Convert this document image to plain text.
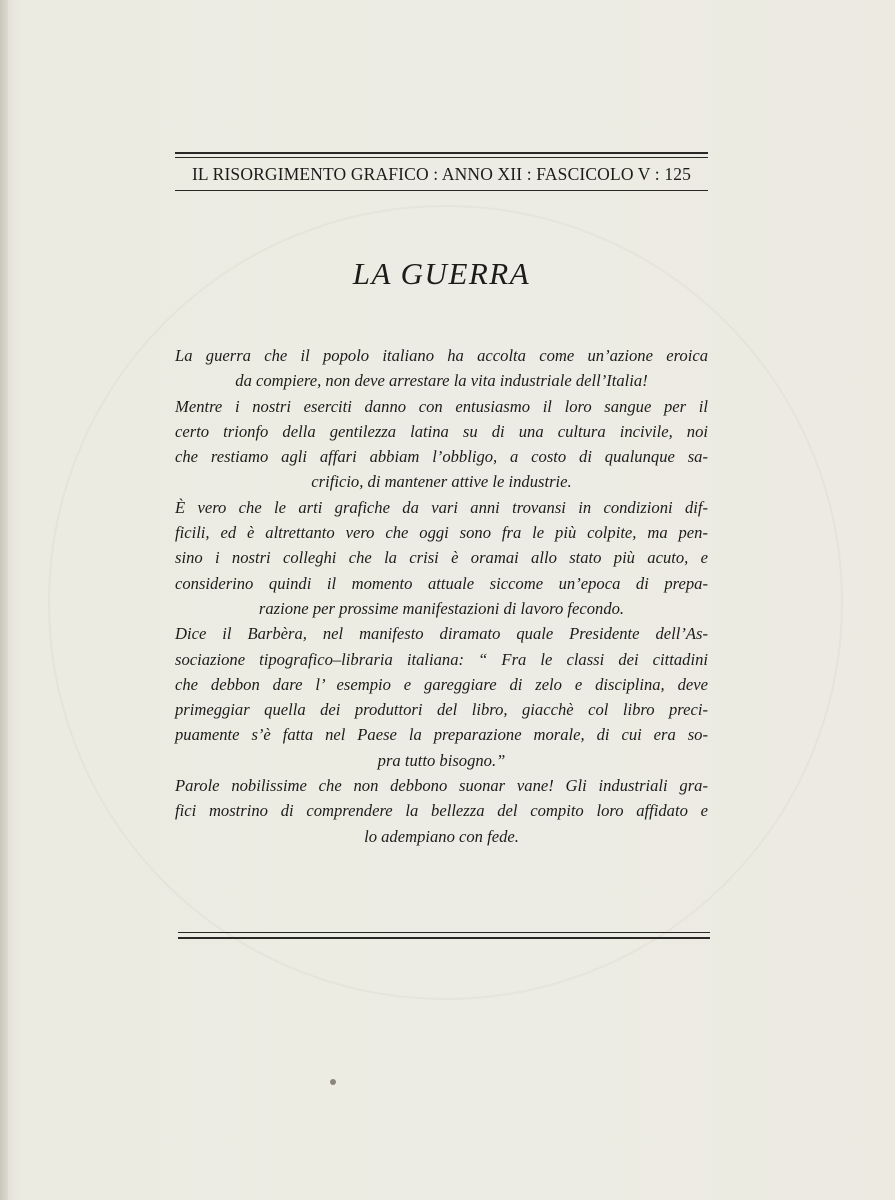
IL RISORGIMENTO GRAFICO : ANNO XII : FASCICOLO V : 125
LA GUERRA

La guerra che il popolo italiano ha accolta come un’azione eroica
da compiere, non deve arrestare la vita industriale dell’Italia!

Mentre i nostri eserciti danno con entusiasmo il loro sangue per il
certo trionfo della gentilezza latina su di una cultura incivile, noi
che restiamo agli affari abbiam l’obbligo, a costo di qualunque sa-
crificio, di mantener attive le industrie.

È vero che le arti grafiche da vari anni trovansi in condizioni dif-
ficili, ed è altrettanto vero che oggi sono fra le più colpite, ma pen-
sino i nostri colleghi che la crisi è oramai allo stato più acuto, e
considerino quindi il momento attuale siccome un’epoca di prepa-
razione per prossime manifestazioni di lavoro fecondo.

Dice il Barbèra, nel manifesto diramato quale Presidente dell’As-
sociazione tipografico–libraria italiana: “ Fra le classi dei cittadini
che debbon dare l’ esempio e gareggiare di zelo e disciplina, deve
primeggiar quella dei produttori del libro, giacchè col libro preci-
puamente s’è fatta nel Paese la preparazione morale, di cui era so-
pra tutto bisogno.”

Parole nobilissime che non debbono suonar vane! Gli industriali gra-
fici mostrino di comprendere la bellezza del compito loro affidato e
lo adempiano con fede.
